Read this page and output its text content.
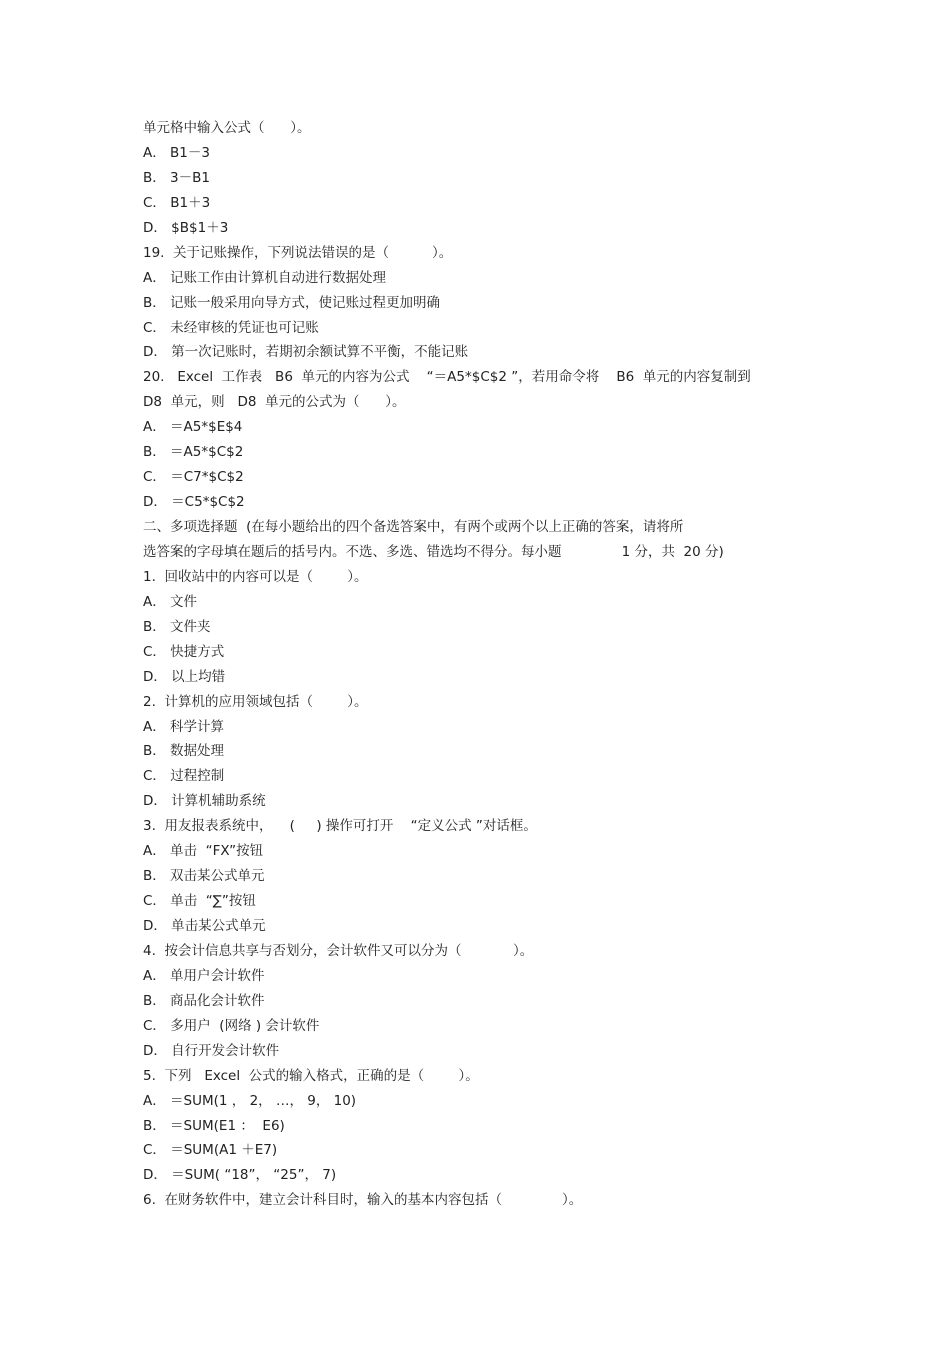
单元格中输入公式（      ）。
A． B1－3
B． 3－B1
C． B1＋3
D． $B$1＋3
19.  关于记账操作，下列说法错误的是（          ）。
A． 记账工作由计算机自动进行数据处理
B． 记账一般采用向导方式，使记账过程更加明确
C． 未经审核的凭证也可记账
D． 第一次记账时，若期初余额试算不平衡，不能记账
20.   Excel  工作表   B6  单元的内容为公式    “＝A5*$C$2 ”，若用命令将    B6  单元的内容复制到
D8  单元，则   D8  单元的公式为（      ）。
A． ＝A5*$E$4
B． ＝A5*$C$2
C． ＝C7*$C$2
D． ＝C5*$C$2
二、多项选择题  (在每小题给出的四个备选答案中，有两个或两个以上正确的答案，请将所
选答案的字母填在题后的括号内。不选、多选、错选均不得分。每小题              1 分，共  20 分)
1.  回收站中的内容可以是（        ）。
A． 文件
B． 文件夹
C． 快捷方式
D． 以上均错
2.  计算机的应用领域包括（        ）。
A． 科学计算
B． 数据处理
C． 过程控制
D． 计算机辅助系统
3.  用友报表系统中，    (     ) 操作可打开    “定义公式 ”对话框。
A． 单击  “FX”按钮
B． 双击某公式单元
C． 单击  “∑”按钮
D． 单击某公式单元
4.  按会计信息共享与否划分，会计软件又可以分为（            ）。
A． 单用户会计软件
B． 商品化会计软件
C． 多用户  (网络 ) 会计软件
D． 自行开发会计软件
5.  下列   Excel  公式的输入格式，正确的是（        ）。
A． ＝SUM(1 ， 2， …， 9， 10)
B． ＝SUM(E1 ：  E6)
C． ＝SUM(A1 ＋E7)
D． ＝SUM( “18”， “25”， 7)
6.  在财务软件中，建立会计科目时，输入的基本内容包括（              ）。
